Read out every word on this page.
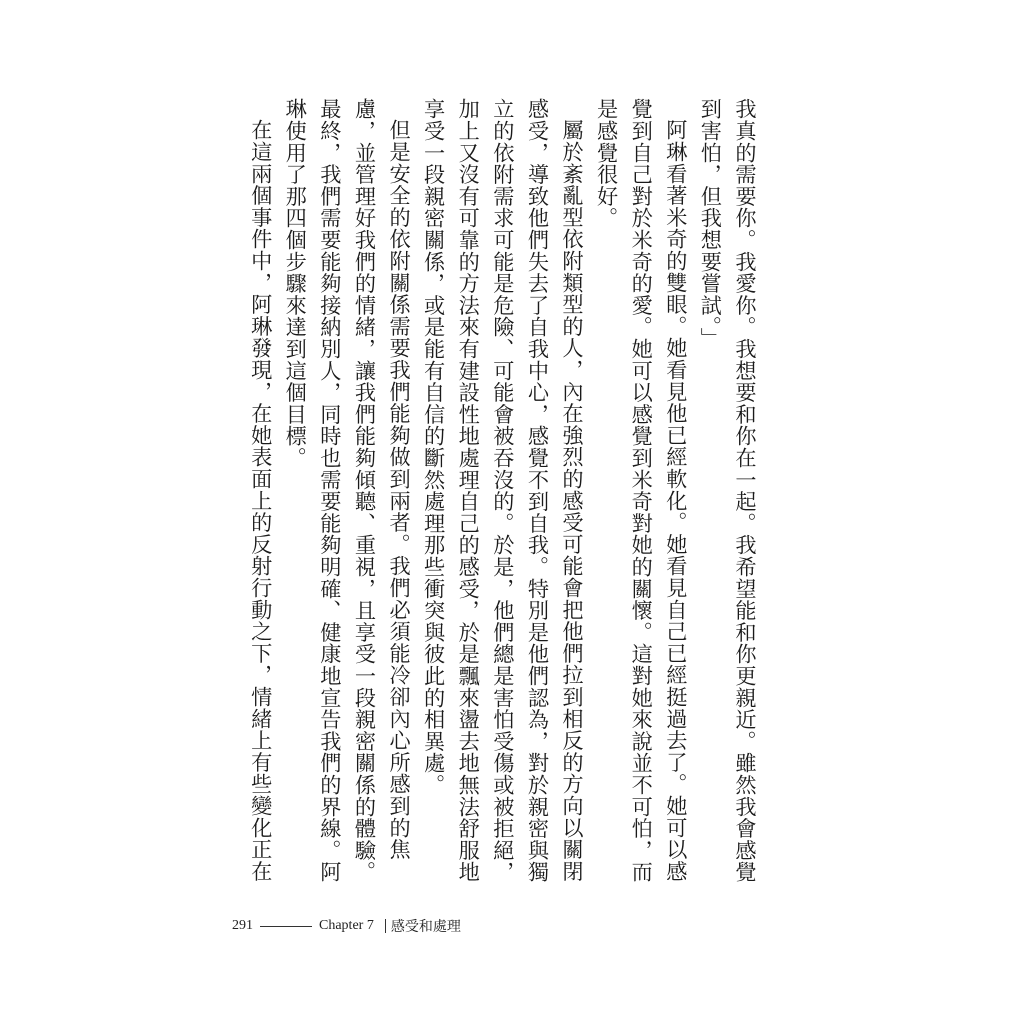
我真的需要你。我愛你。我想要和你在一起。我希望能和你更親近。雖然我會感覺到害怕，但我想要嘗試。」

阿琳看著米奇的雙眼。她看見他已經軟化。她看見自己已經挺過去了。她可以感覺到自己對於米奇的愛。她可以感覺到米奇對她的關懷。這對她來說並不可怕，而是感覺很好。

屬於紊亂型依附類型的人，內在強烈的感受可能會把他們拉到相反的方向以關閉感受，導致他們失去了自我中心，感覺不到自我。特別是他們認為，對於親密與獨立的依附需求可能是危險、可能會被吞沒的。於是，他們總是害怕受傷或被拒絕，加上又沒有可靠的方法來有建設性地處理自己的感受，於是飄來盪去地無法舒服地享受一段親密關係，或是能有自信的斷然處理那些衝突與彼此的相異處。

但是安全的依附關係需要我們能夠做到兩者。我們必須能冷卻內心所感到的焦慮，並管理好我們的情緒，讓我們能夠傾聽、重視，且享受一段親密關係的體驗。最終，我們需要能夠接納別人，同時也需要能夠明確、健康地宣告我們的界線。阿琳使用了那四個步驟來達到這個目標。

在這兩個事件中，阿琳發現，在她表面上的反射行動之下，情緒上有些變化正在

291	Chapter 7 感受和處理
